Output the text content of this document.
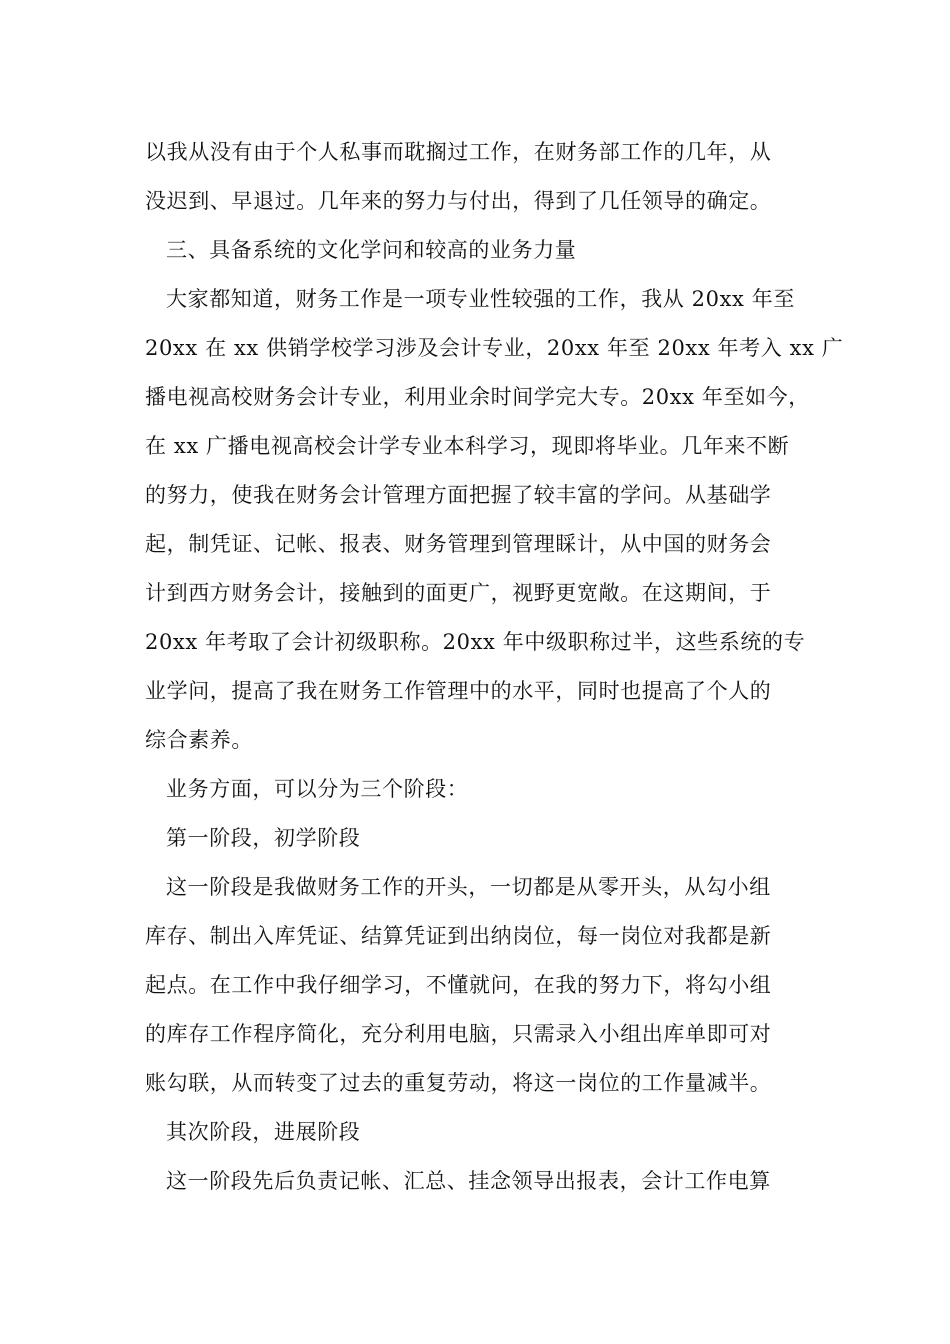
以我从没有由于个人私事而耽搁过工作，在财务部工作的几年，从
没迟到、早退过。几年来的努力与付出，得到了几任领导的确定。
三、具备系统的文化学问和较高的业务力量
大家都知道，财务工作是一项专业性较强的工作，我从 20xx 年至
20xx 在 xx 供销学校学习涉及会计专业，20xx 年至 20xx 年考入 xx 广
播电视高校财务会计专业，利用业余时间学完大专。20xx 年至如今，
在 xx 广播电视高校会计学专业本科学习，现即将毕业。几年来不断
的努力，使我在财务会计管理方面把握了较丰富的学问。从基础学
起，制凭证、记帐、报表、财务管理到管理睬计，从中国的财务会
计到西方财务会计，接触到的面更广，视野更宽敞。在这期间，于
20xx 年考取了会计初级职称。20xx 年中级职称过半，这些系统的专
业学问，提高了我在财务工作管理中的水平，同时也提高了个人的
综合素养。
业务方面，可以分为三个阶段：
第一阶段，初学阶段
这一阶段是我做财务工作的开头，一切都是从零开头，从勾小组
库存、制出入库凭证、结算凭证到出纳岗位，每一岗位对我都是新
起点。在工作中我仔细学习，不懂就问，在我的努力下，将勾小组
的库存工作程序简化，充分利用电脑，只需录入小组出库单即可对
账勾联，从而转变了过去的重复劳动，将这一岗位的工作量减半。
其次阶段，进展阶段
这一阶段先后负责记帐、汇总、挂念领导出报表，会计工作电算
